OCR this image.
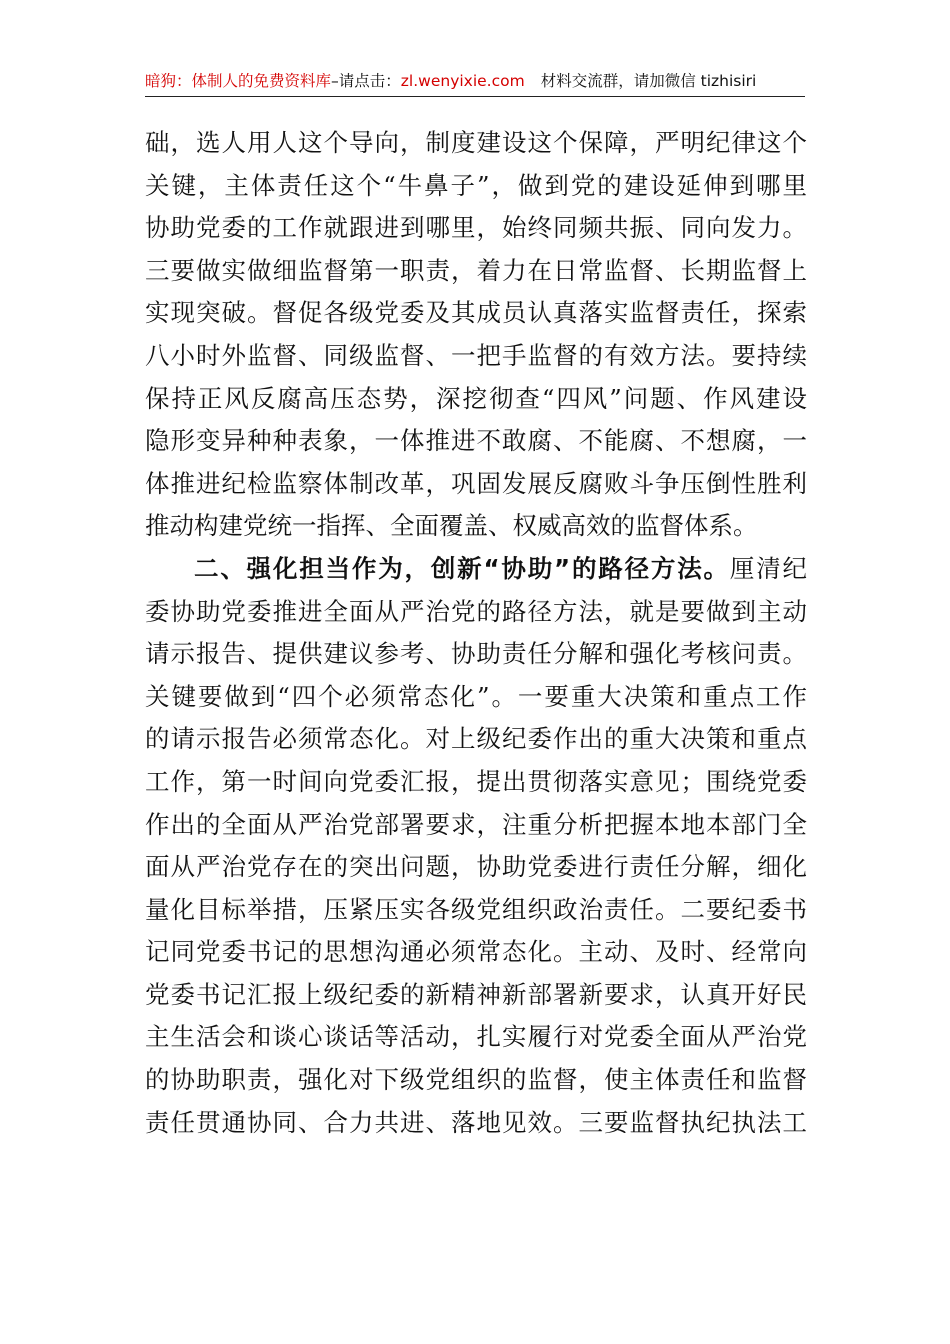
暗狗：体制人的免费资料库–请点击：zl.wenyixie.com 材料交流群，请加微信 tizhisiri
础，选人用人这个导向，制度建设这个保障，严明纪律这个
关键，主体责任这个“牛鼻子”，做到党的建设延伸到哪里
协助党委的工作就跟进到哪里，始终同频共振、同向发力。
三要做实做细监督第一职责，着力在日常监督、长期监督上
实现突破。督促各级党委及其成员认真落实监督责任，探索
八小时外监督、同级监督、一把手监督的有效方法。要持续
保持正风反腐高压态势，深挖彻查“四风”问题、作风建设
隐形变异种种表象，一体推进不敢腐、不能腐、不想腐，一
体推进纪检监察体制改革，巩固发展反腐败斗争压倒性胜利
推动构建党统一指挥、全面覆盖、权威高效的监督体系。
二、强化担当作为，创新“协助”的路径方法。厘清纪
委协助党委推进全面从严治党的路径方法，就是要做到主动
请示报告、提供建议参考、协助责任分解和强化考核问责。
关键要做到“四个必须常态化”。一要重大决策和重点工作
的请示报告必须常态化。对上级纪委作出的重大决策和重点
工作，第一时间向党委汇报，提出贯彻落实意见；围绕党委
作出的全面从严治党部署要求，注重分析把握本地本部门全
面从严治党存在的突出问题，协助党委进行责任分解，细化
量化目标举措，压紧压实各级党组织政治责任。二要纪委书
记同党委书记的思想沟通必须常态化。主动、及时、经常向
党委书记汇报上级纪委的新精神新部署新要求，认真开好民
主生活会和谈心谈话等活动，扎实履行对党委全面从严治党
的协助职责，强化对下级党组织的监督，使主体责任和监督
责任贯通协同、合力共进、落地见效。三要监督执纪执法工
